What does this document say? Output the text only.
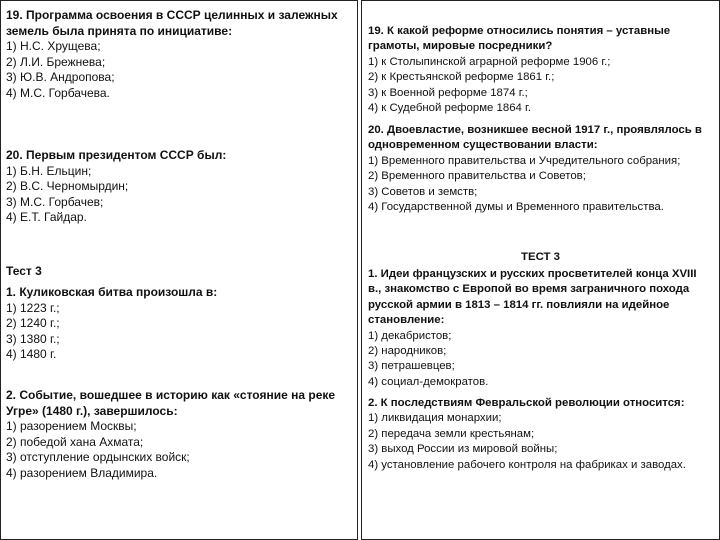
19. Программа освоения в СССР целинных и залежных земель была принята по инициативе:
1) Н.С. Хрущева;
2) Л.И. Брежнева;
3) Ю.В. Андропова;
4) М.С. Горбачева.
20. Первым президентом СССР был:
1) Б.Н. Ельцин;
2) В.С. Черномырдин;
3) М.С. Горбачев;
4) Е.Т. Гайдар.
Тест 3
1. Куликовская битва произошла в:
1) 1223 г.;
2) 1240 г.;
3) 1380 г.;
4) 1480 г.
2. Событие, вошедшее в историю как «стояние на реке Угре» (1480 г.), завершилось:
1) разорением Москвы;
2) победой хана Ахмата;
3) отступление ордынских войск;
4) разорением Владимира.
19. К какой реформе относились понятия – уставные грамоты, мировые посредники?
1) к Столыпинской аграрной реформе 1906 г.;
2) к Крестьянской реформе 1861 г.;
3) к Военной реформе 1874 г.;
4) к Судебной реформе 1864 г.
20. Двоевластие, возникшее весной 1917 г., проявлялось в одновременном существовании власти:
1) Временного правительства и Учредительного собрания;
2) Временного правительства и Советов;
3) Советов и земств;
4) Государственной думы и Временного правительства.
ТЕСТ 3
1. Идеи французских и русских просветителей конца XVIII в., знакомство с Европой во время заграничного похода русской армии в 1813 – 1814 гг. повлияли на идейное становление:
1) декабристов;
2) народников;
3) петрашевцев;
4) социал-демократов.
2. К последствиям Февральской революции относится:
1) ликвидация монархии;
2) передача земли крестьянам;
3) выход России из мировой войны;
4) установление рабочего контроля на фабриках и заводах.
